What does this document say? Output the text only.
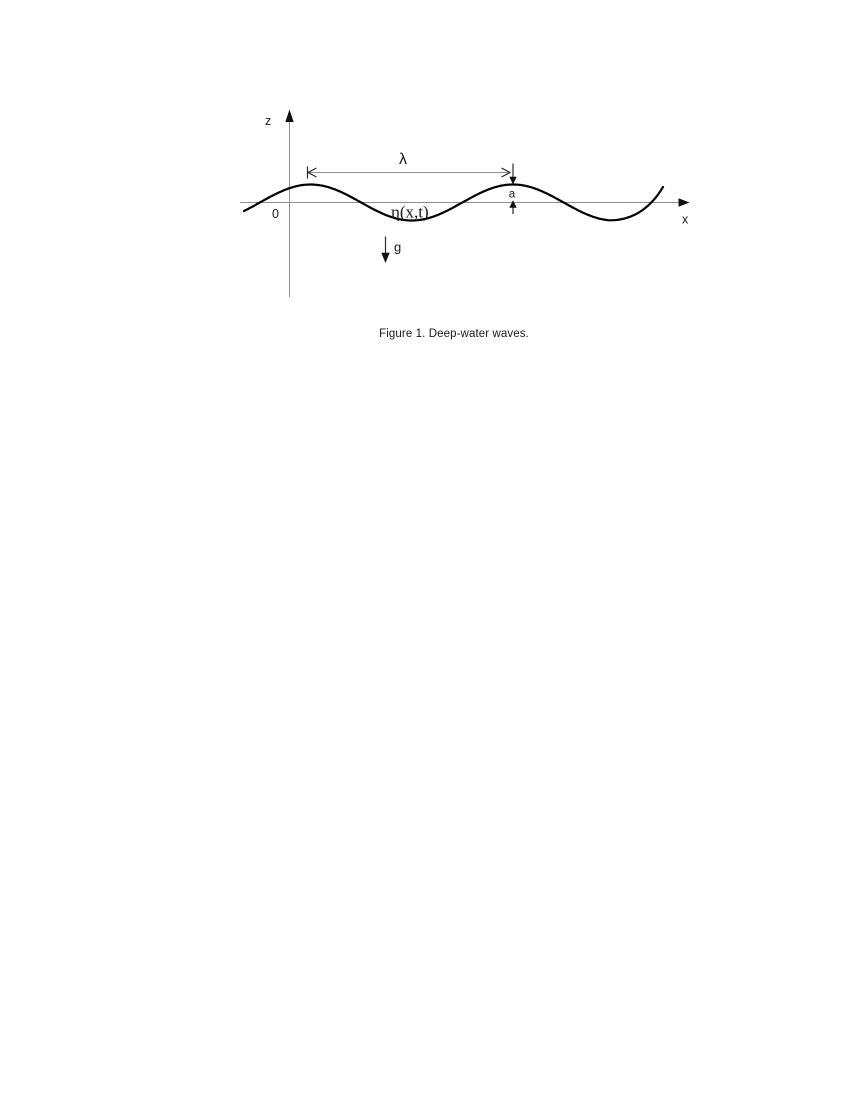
z
x
0
λ
a
η(x,t)
g
Figure 1. Deep-water waves.
